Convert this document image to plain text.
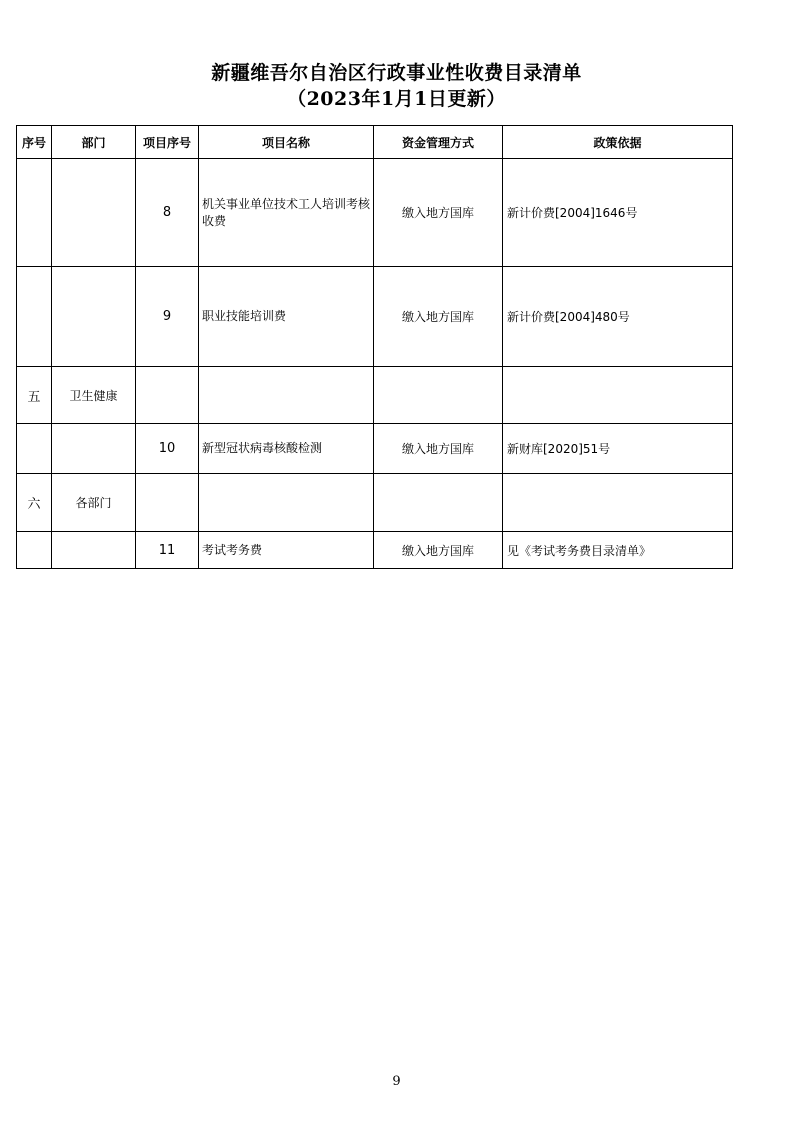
新疆维吾尔自治区行政事业性收费目录清单
（2023年1月1日更新）
序号	部门	项目序号	项目名称	资金管理方式	政策依据
		8	机关事业单位技术工人培训考核收费	缴入地方国库	新计价费[2004]1646号
		9	职业技能培训费	缴入地方国库	新计价费[2004]480号
五	卫生健康				
		10	新型冠状病毒核酸检测	缴入地方国库	新财库[2020]51号
六	各部门				
		11	考试考务费	缴入地方国库	见《考试考务费目录清单》
9
